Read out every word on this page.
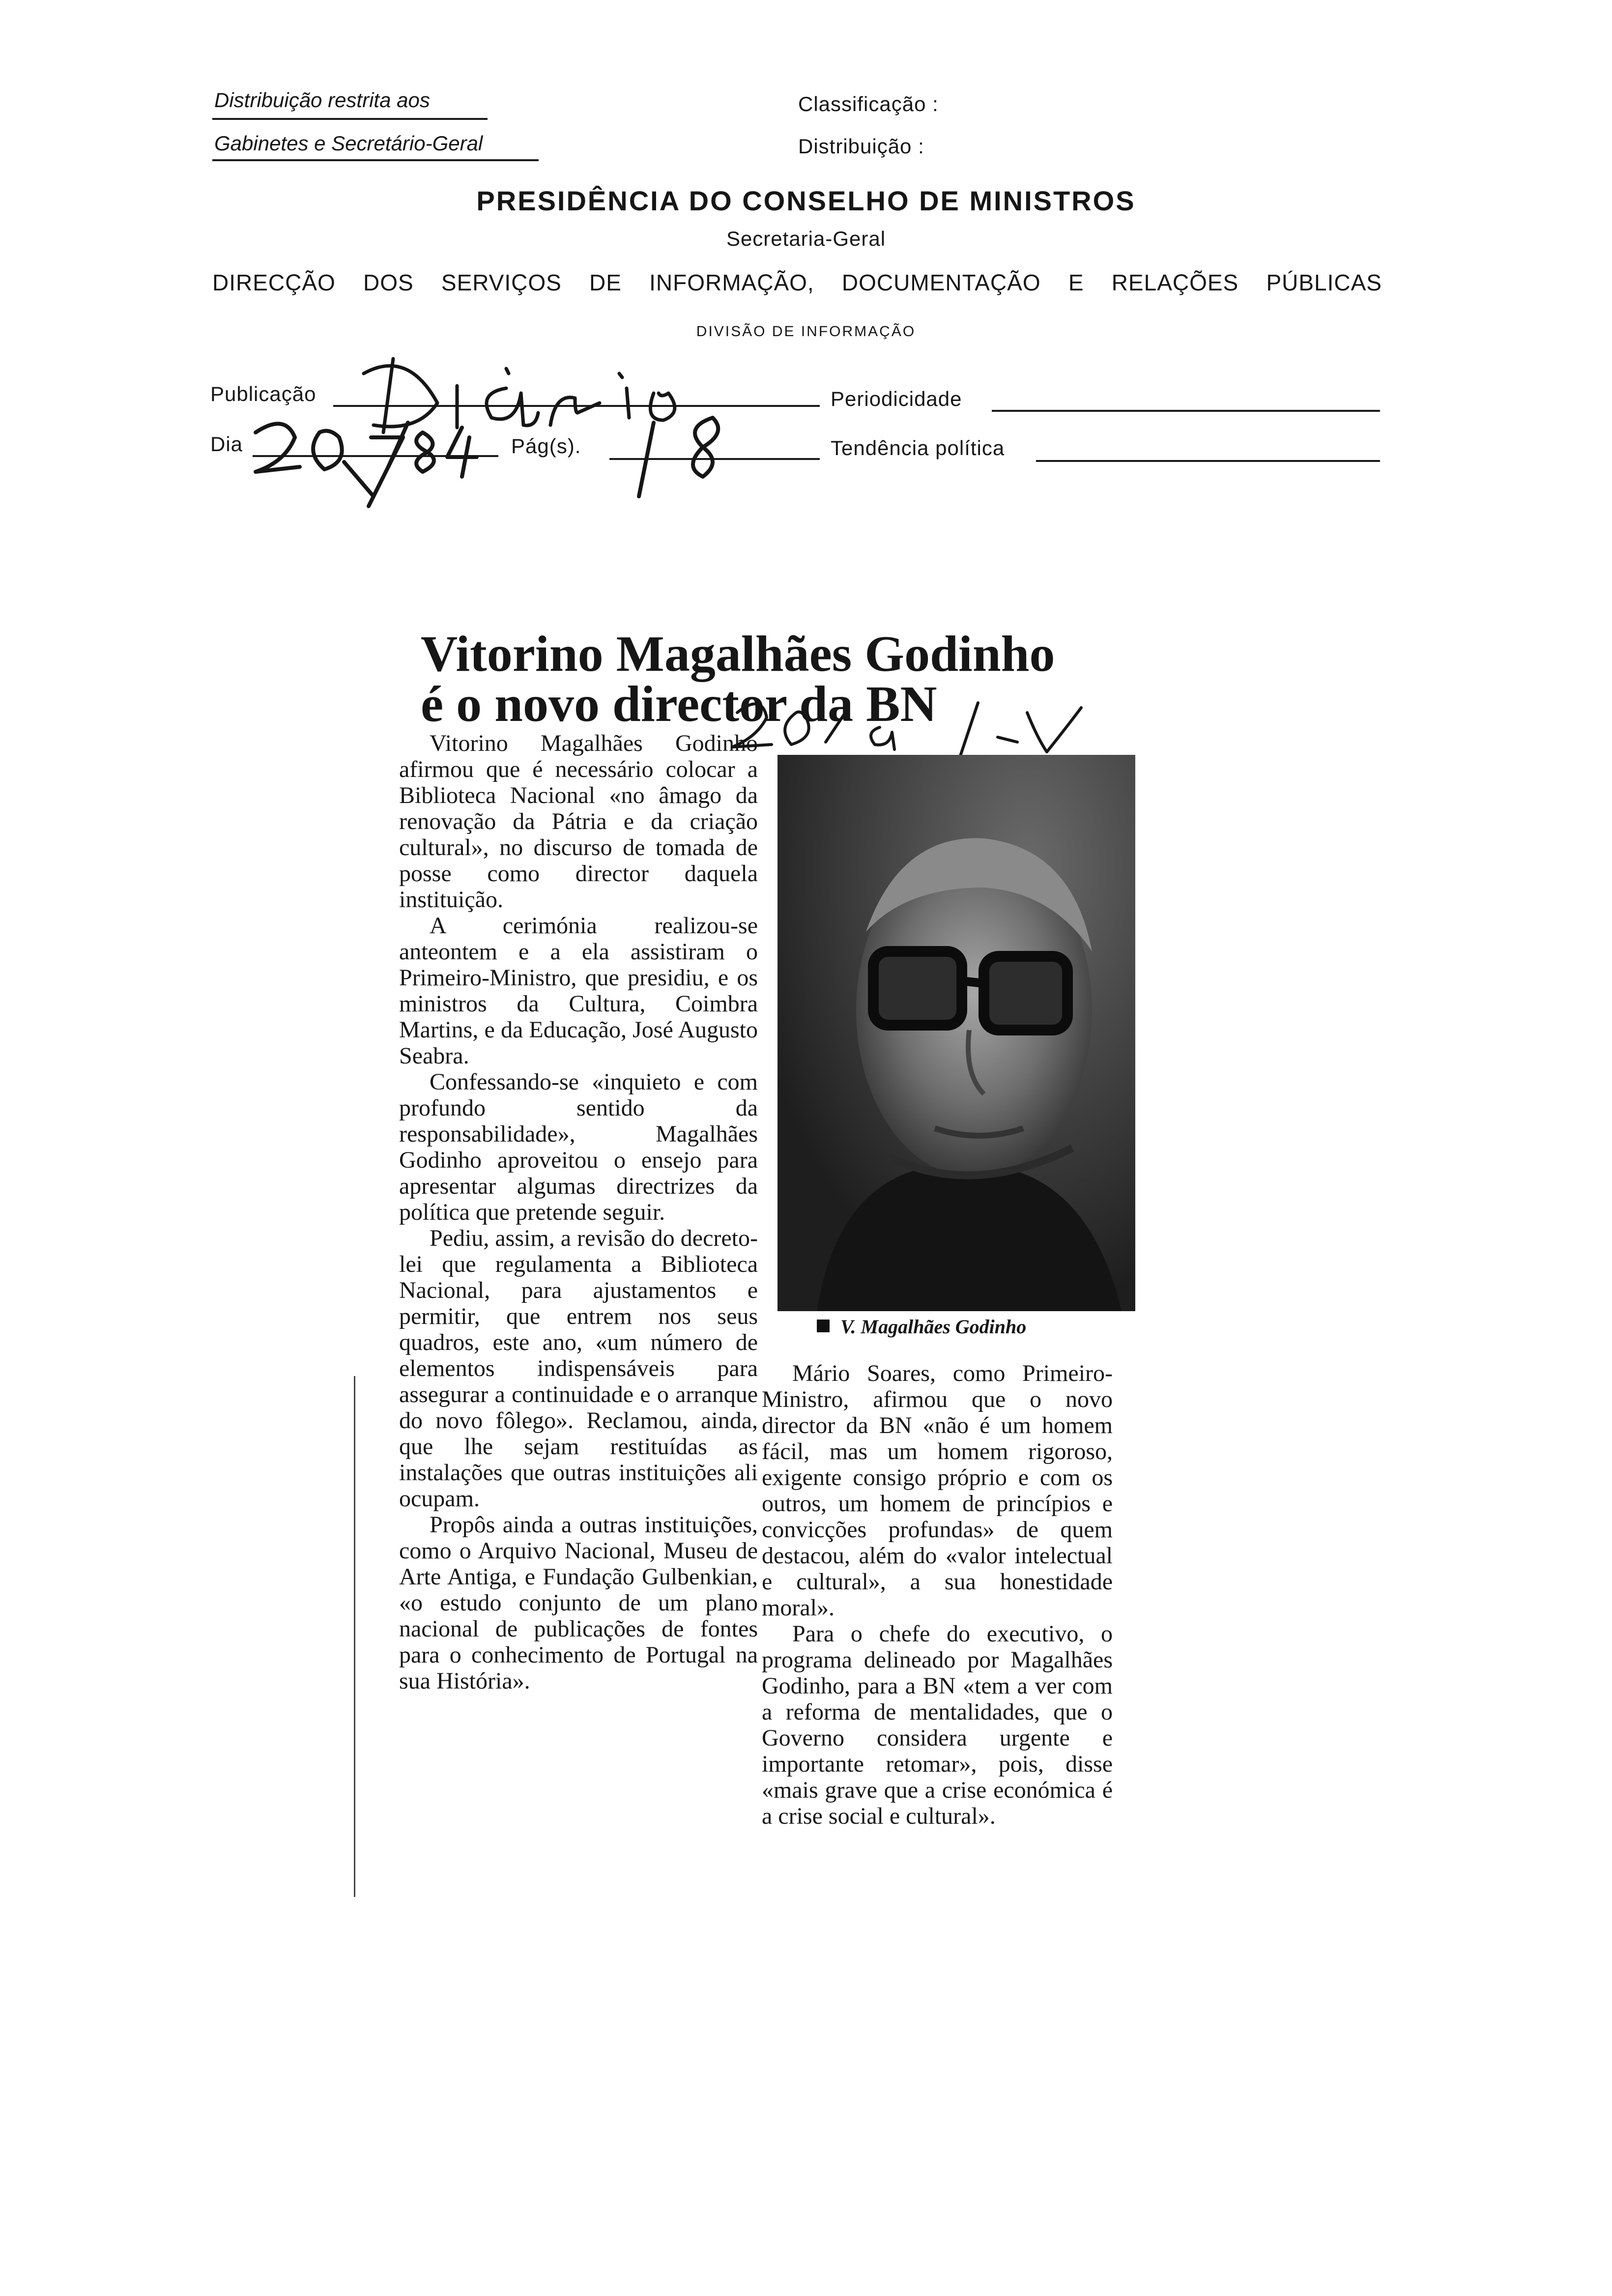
Distribuição restrita aos
Gabinetes e Secretário-Geral
Classificação :
Distribuição :
PRESIDÊNCIA DO CONSELHO DE MINISTROS
Secretaria-Geral
DIRECÇÃO DOS SERVIÇOS DE INFORMAÇÃO, DOCUMENTAÇÃO E RELAÇÕES PÚBLICAS
DIVISÃO DE INFORMAÇÃO
Publicação	Periodicidade
Dia	Pág(s).	Tendência política
Vitorino Magalhães Godinho
é o novo director da BN

Vitorino Magalhães Godinho afirmou que é necessário colocar a Biblioteca Nacional «no âmago da renovação da Pátria e da criação cultural», no discurso de tomada de posse como director daquela instituição.

A cerimónia realizou-se anteontem e a ela assistiram o Primeiro-Ministro, que presidiu, e os ministros da Cultura, Coimbra Martins, e da Educação, José Augusto Seabra.

Confessando-se «inquieto e com profundo sentido da responsabilidade», Magalhães Godinho aproveitou o ensejo para apresentar algumas directrizes da política que pretende seguir.

Pediu, assim, a revisão do decreto-lei que regulamenta a Biblioteca Nacional, para ajustamentos e permitir, que entrem nos seus quadros, este ano, «um número de elementos indispensáveis para assegurar a continuidade e o arranque do novo fôlego». Reclamou, ainda, que lhe sejam restituídas as instalações que outras instituições ali ocupam.

Propôs ainda a outras instituições, como o Arquivo Nacional, Museu de Arte Antiga, e Fundação Gulbenkian, «o estudo conjunto de um plano nacional de publicações de fontes para o conhecimento de Portugal na sua História».

V. Magalhães Godinho

Mário Soares, como Primeiro-Ministro, afirmou que o novo director da BN «não é um homem fácil, mas um homem rigoroso, exigente consigo próprio e com os outros, um homem de princípios e convicções profundas» de quem destacou, além do «valor intelectual e cultural», a sua honestidade moral».

Para o chefe do executivo, o programa delineado por Magalhães Godinho, para a BN «tem a ver com a reforma de mentalidades, que o Governo considera urgente e importante retomar», pois, disse «mais grave que a crise económica é a crise social e cultural».
